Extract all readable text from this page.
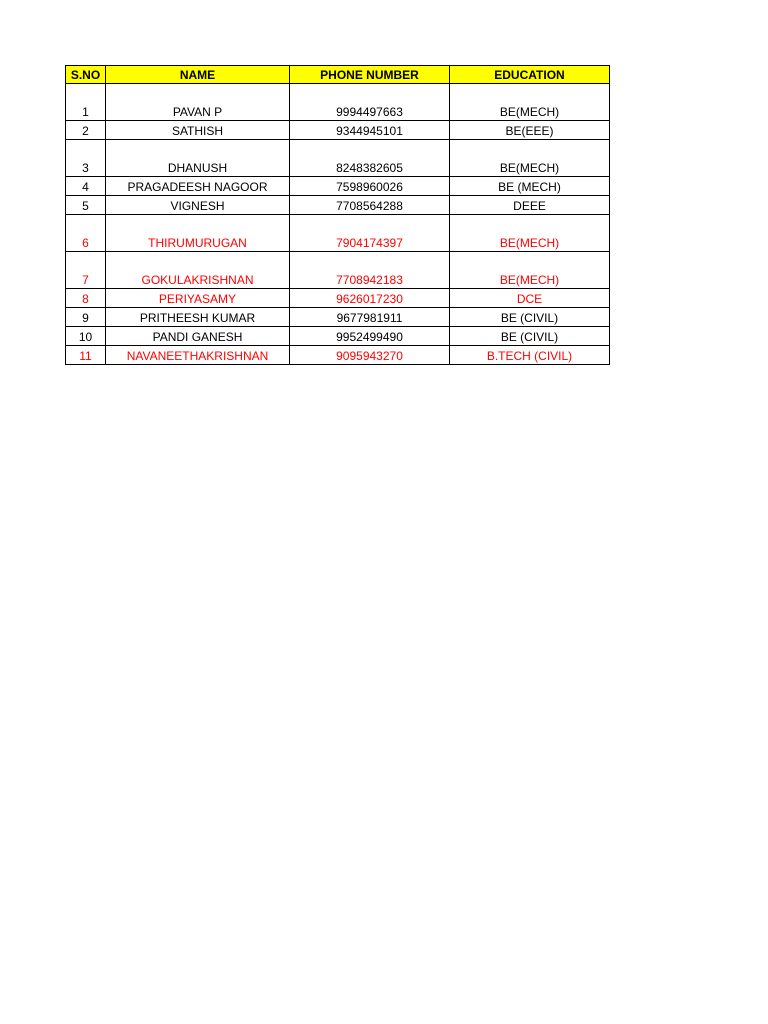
S.NO	NAME	PHONE NUMBER	EDUCATION
1	PAVAN P	9994497663	BE(MECH)
2	SATHISH	9344945101	BE(EEE)
3	DHANUSH	8248382605	BE(MECH)
4	PRAGADEESH NAGOOR	7598960026	BE (MECH)
5	VIGNESH	7708564288	DEEE
6	THIRUMURUGAN	7904174397	BE(MECH)
7	GOKULAKRISHNAN	7708942183	BE(MECH)
8	PERIYASAMY	9626017230	DCE
9	PRITHEESH KUMAR	9677981911	BE (CIVIL)
10	PANDI GANESH	9952499490	BE (CIVIL)
11	NAVANEETHAKRISHNAN	9095943270	B.TECH (CIVIL)
